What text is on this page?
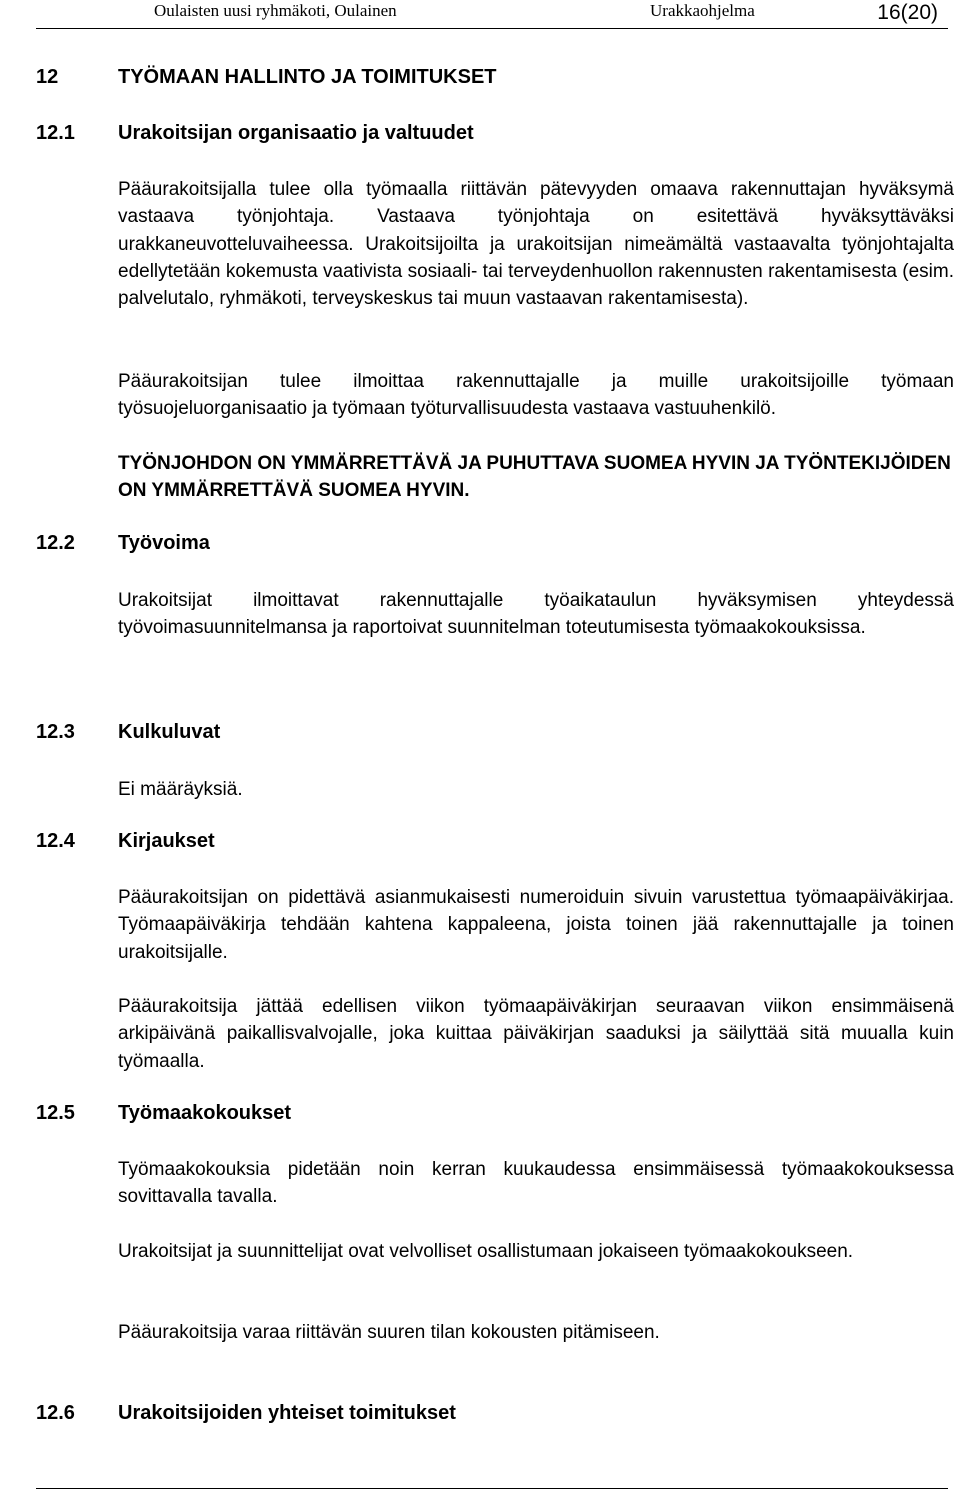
Oulaisten uusi ryhmäkoti, Oulainen	Urakkaohjelma	16(20)
12	TYÖMAAN HALLINTO JA TOIMITUKSET
12.1 Urakoitsijan organisaatio ja valtuudet

Pääurakoitsijalla tulee olla työmaalla riittävän pätevyyden omaava rakennuttajan hyväksymä vastaava työnjohtaja. Vastaava työnjohtaja on esitettävä hyväksyttäväksi urakkaneuvotteluvaiheessa. Urakoitsijoilta ja urakoitsijan nimeämältä vastaavalta työnjohtajalta edellytetään kokemusta vaativista sosiaali- tai terveydenhuollon rakennusten rakentamisesta (esim. palvelutalo, ryhmäkoti, terveyskeskus tai muun vastaavan rakentamisesta).

Pääurakoitsijan tulee ilmoittaa rakennuttajalle ja muille urakoitsijoille työmaan työsuojeluorganisaatio ja työmaan työturvallisuudesta vastaava vastuuhenkilö.

TYÖNJOHDON ON YMMÄRRETTÄVÄ JA PUHUTTAVA SUOMEA HYVIN JA TYÖNTEKIJÖIDEN ON YMMÄRRETTÄVÄ SUOMEA HYVIN.

12.2 Työvoima

Urakoitsijat ilmoittavat rakennuttajalle työaikataulun hyväksymisen yhteydessä työvoimasuunnitelmansa ja raportoivat suunnitelman toteutumisesta työmaakokouksissa.

12.3 Kulkuluvat

Ei määräyksiä.

12.4 Kirjaukset

Pääurakoitsijan on pidettävä asianmukaisesti numeroiduin sivuin varustettua työmaapäiväkirjaa. Työmaapäiväkirja tehdään kahtena kappaleena, joista toinen jää rakennuttajalle ja toinen urakoitsijalle.

Pääurakoitsija jättää edellisen viikon työmaapäiväkirjan seuraavan viikon ensimmäisenä arkipäivänä paikallisvalvojalle, joka kuittaa päiväkirjan saaduksi ja säilyttää sitä muualla kuin työmaalla.

12.5 Työmaakokoukset

Työmaakokouksia pidetään noin kerran kuukaudessa ensimmäisessä työmaakokouksessa sovittavalla tavalla.

Urakoitsijat ja suunnittelijat ovat velvolliset osallistumaan jokaiseen työmaakokoukseen.

Pääurakoitsija varaa riittävän suuren tilan kokousten pitämiseen.

12.6 Urakoitsijoiden yhteiset toimitukset
